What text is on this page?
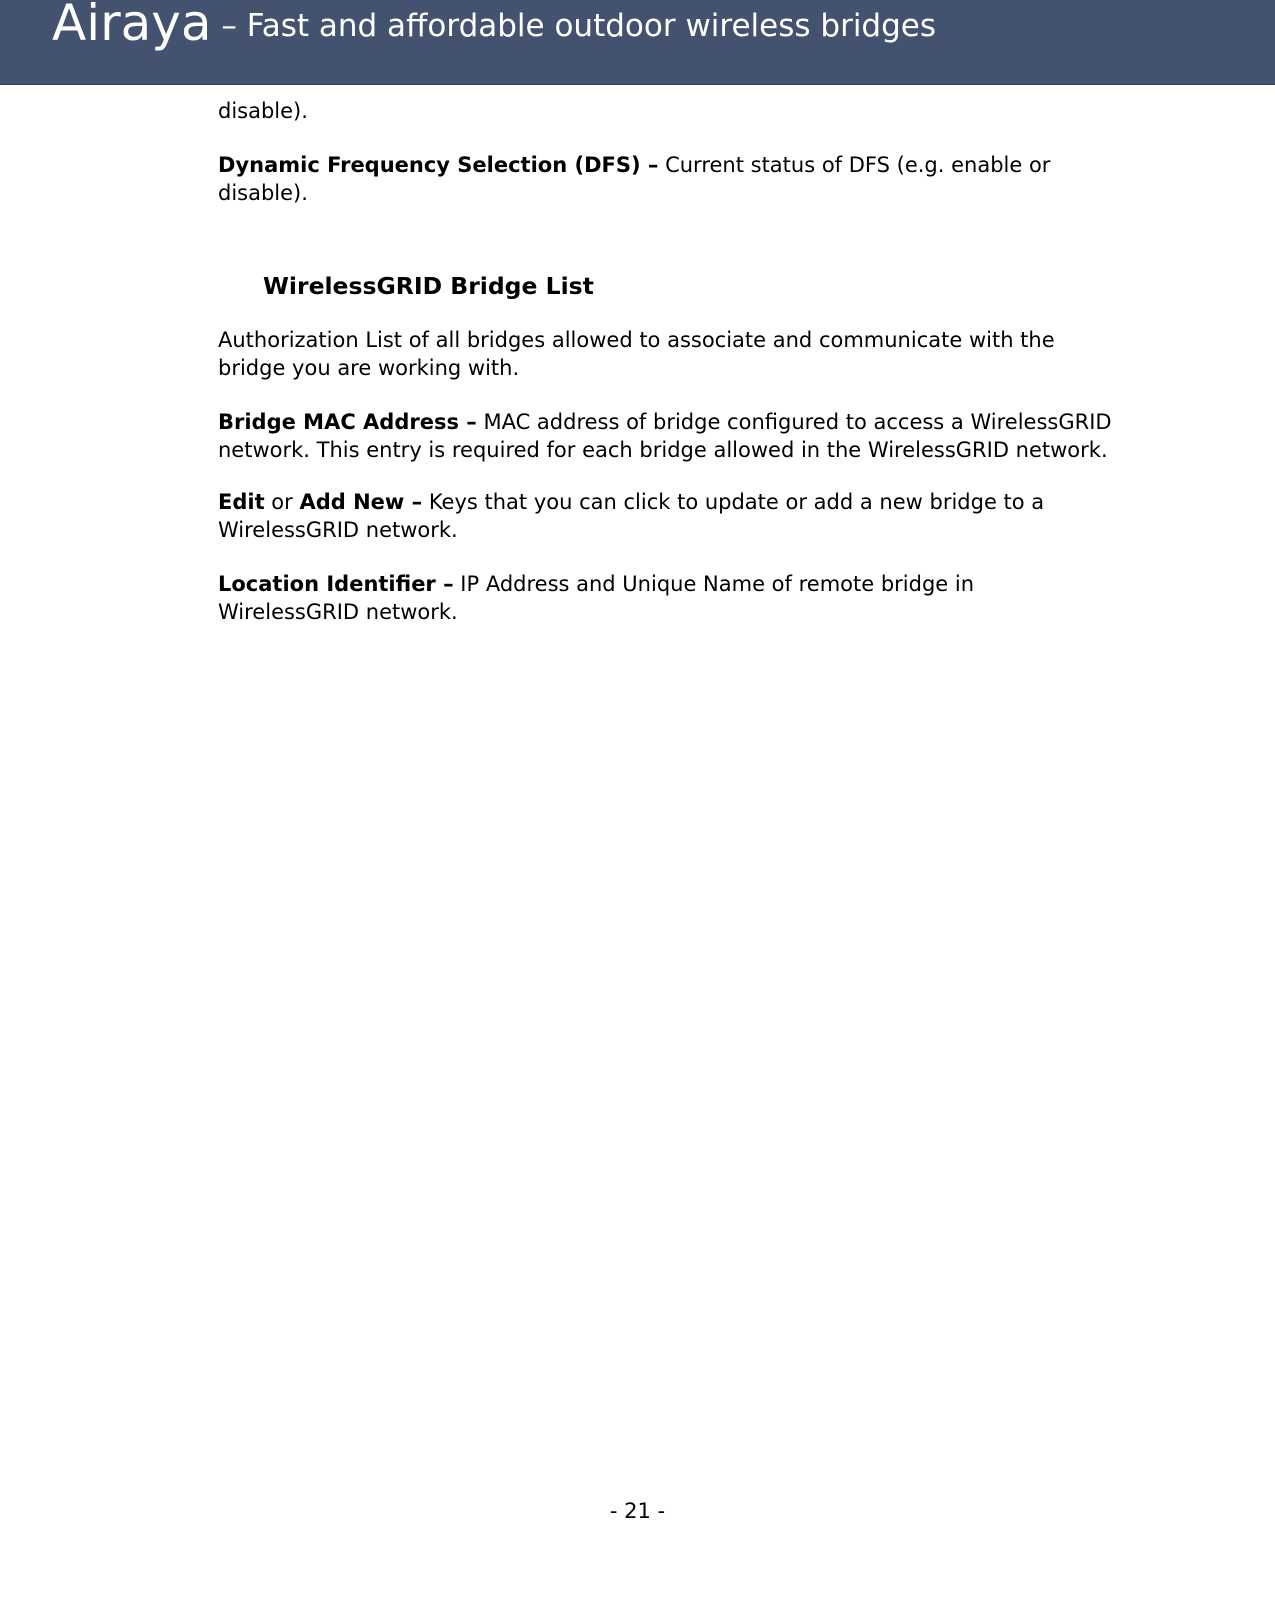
Airaya – Fast and affordable outdoor wireless bridges

disable).

Dynamic Frequency Selection (DFS) – Current status of DFS (e.g. enable or disable).

WirelessGRID Bridge List

Authorization List of all bridges allowed to associate and communicate with the bridge you are working with.

Bridge MAC Address – MAC address of bridge configured to access a WirelessGRID network. This entry is required for each bridge allowed in the WirelessGRID network.

Edit or Add New – Keys that you can click to update or add a new bridge to a WirelessGRID network.

Location Identifier – IP Address and Unique Name of remote bridge in WirelessGRID network.

- 21 -
